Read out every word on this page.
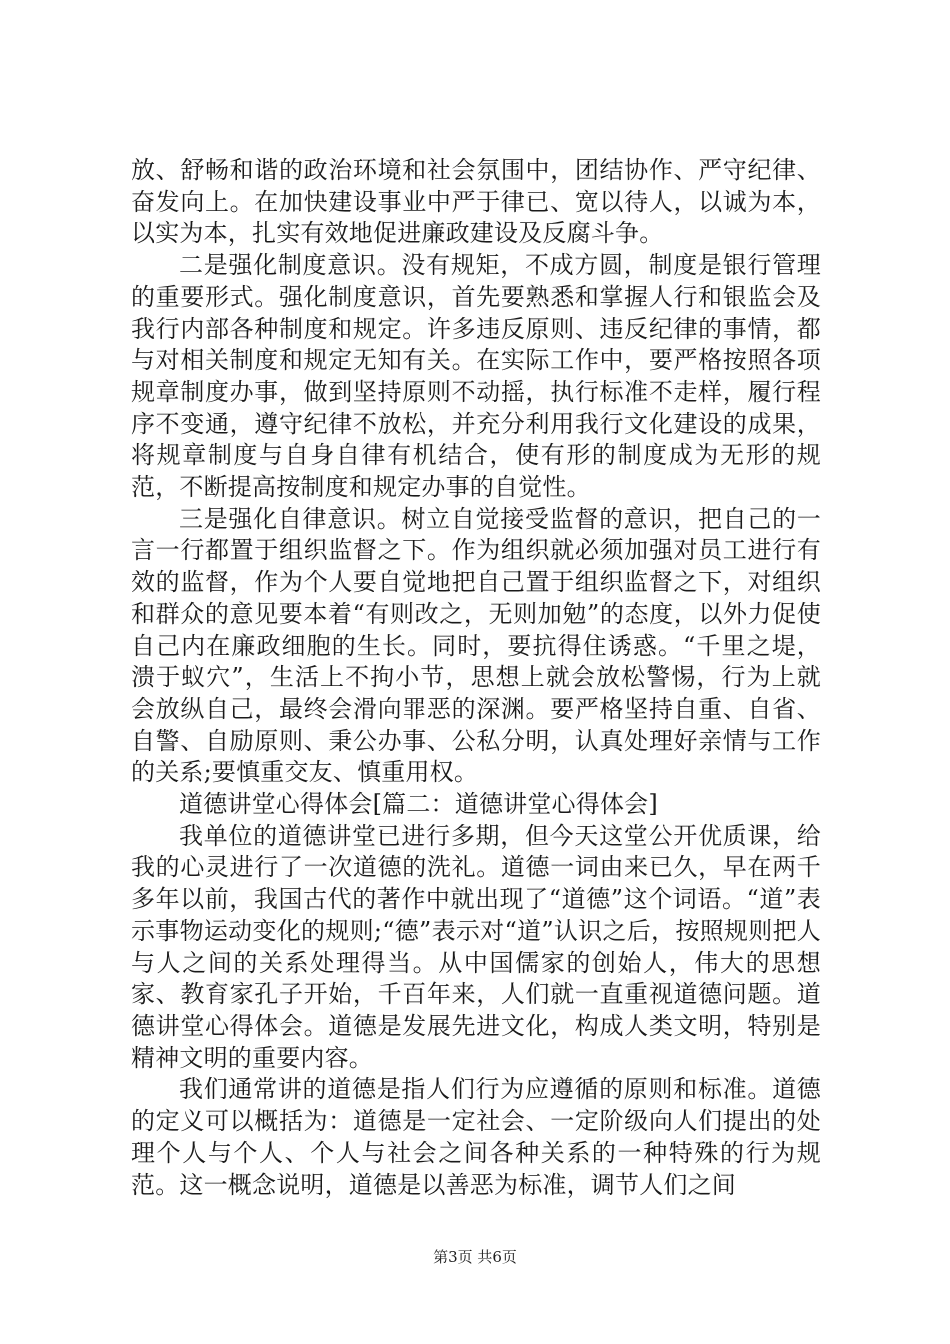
放、舒畅和谐的政治环境和社会氛围中，团结协作、严守纪律、奋发向上。在加快建设事业中严于律已、宽以待人，以诚为本，以实为本，扎实有效地促进廉政建设及反腐斗争。

二是强化制度意识。没有规矩，不成方圆，制度是银行管理的重要形式。强化制度意识，首先要熟悉和掌握人行和银监会及我行内部各种制度和规定。许多违反原则、违反纪律的事情，都与对相关制度和规定无知有关。在实际工作中，要严格按照各项规章制度办事，做到坚持原则不动摇，执行标准不走样，履行程序不变通，遵守纪律不放松，并充分利用我行文化建设的成果，将规章制度与自身自律有机结合，使有形的制度成为无形的规范，不断提高按制度和规定办事的自觉性。

三是强化自律意识。树立自觉接受监督的意识，把自己的一言一行都置于组织监督之下。作为组织就必须加强对员工进行有效的监督，作为个人要自觉地把自己置于组织监督之下，对组织和群众的意见要本着“有则改之，无则加勉”的态度，以外力促使自己内在廉政细胞的生长。同时，要抗得住诱惑。“千里之堤，溃于蚁穴”，生活上不拘小节，思想上就会放松警惕，行为上就会放纵自己，最终会滑向罪恶的深渊。要严格坚持自重、自省、自警、自励原则、秉公办事、公私分明，认真处理好亲情与工作的关系;要慎重交友、慎重用权。

道德讲堂心得体会[篇二：道德讲堂心得体会]

我单位的道德讲堂已进行多期，但今天这堂公开优质课，给我的心灵进行了一次道德的洗礼。道德一词由来已久，早在两千多年以前，我国古代的著作中就出现了“道德”这个词语。“道”表示事物运动变化的规则;“德”表示对“道”认识之后，按照规则把人与人之间的关系处理得当。从中国儒家的创始人，伟大的思想家、教育家孔子开始，千百年来，人们就一直重视道德问题。道德讲堂心得体会。道德是发展先进文化，构成人类文明，特别是精神文明的重要内容。

我们通常讲的道德是指人们行为应遵循的原则和标准。道德的定义可以概括为：道德是一定社会、一定阶级向人们提出的处理个人与个人、个人与社会之间各种关系的一种特殊的行为规范。这一概念说明，道德是以善恶为标准，调节人们之间

第3页 共6页
